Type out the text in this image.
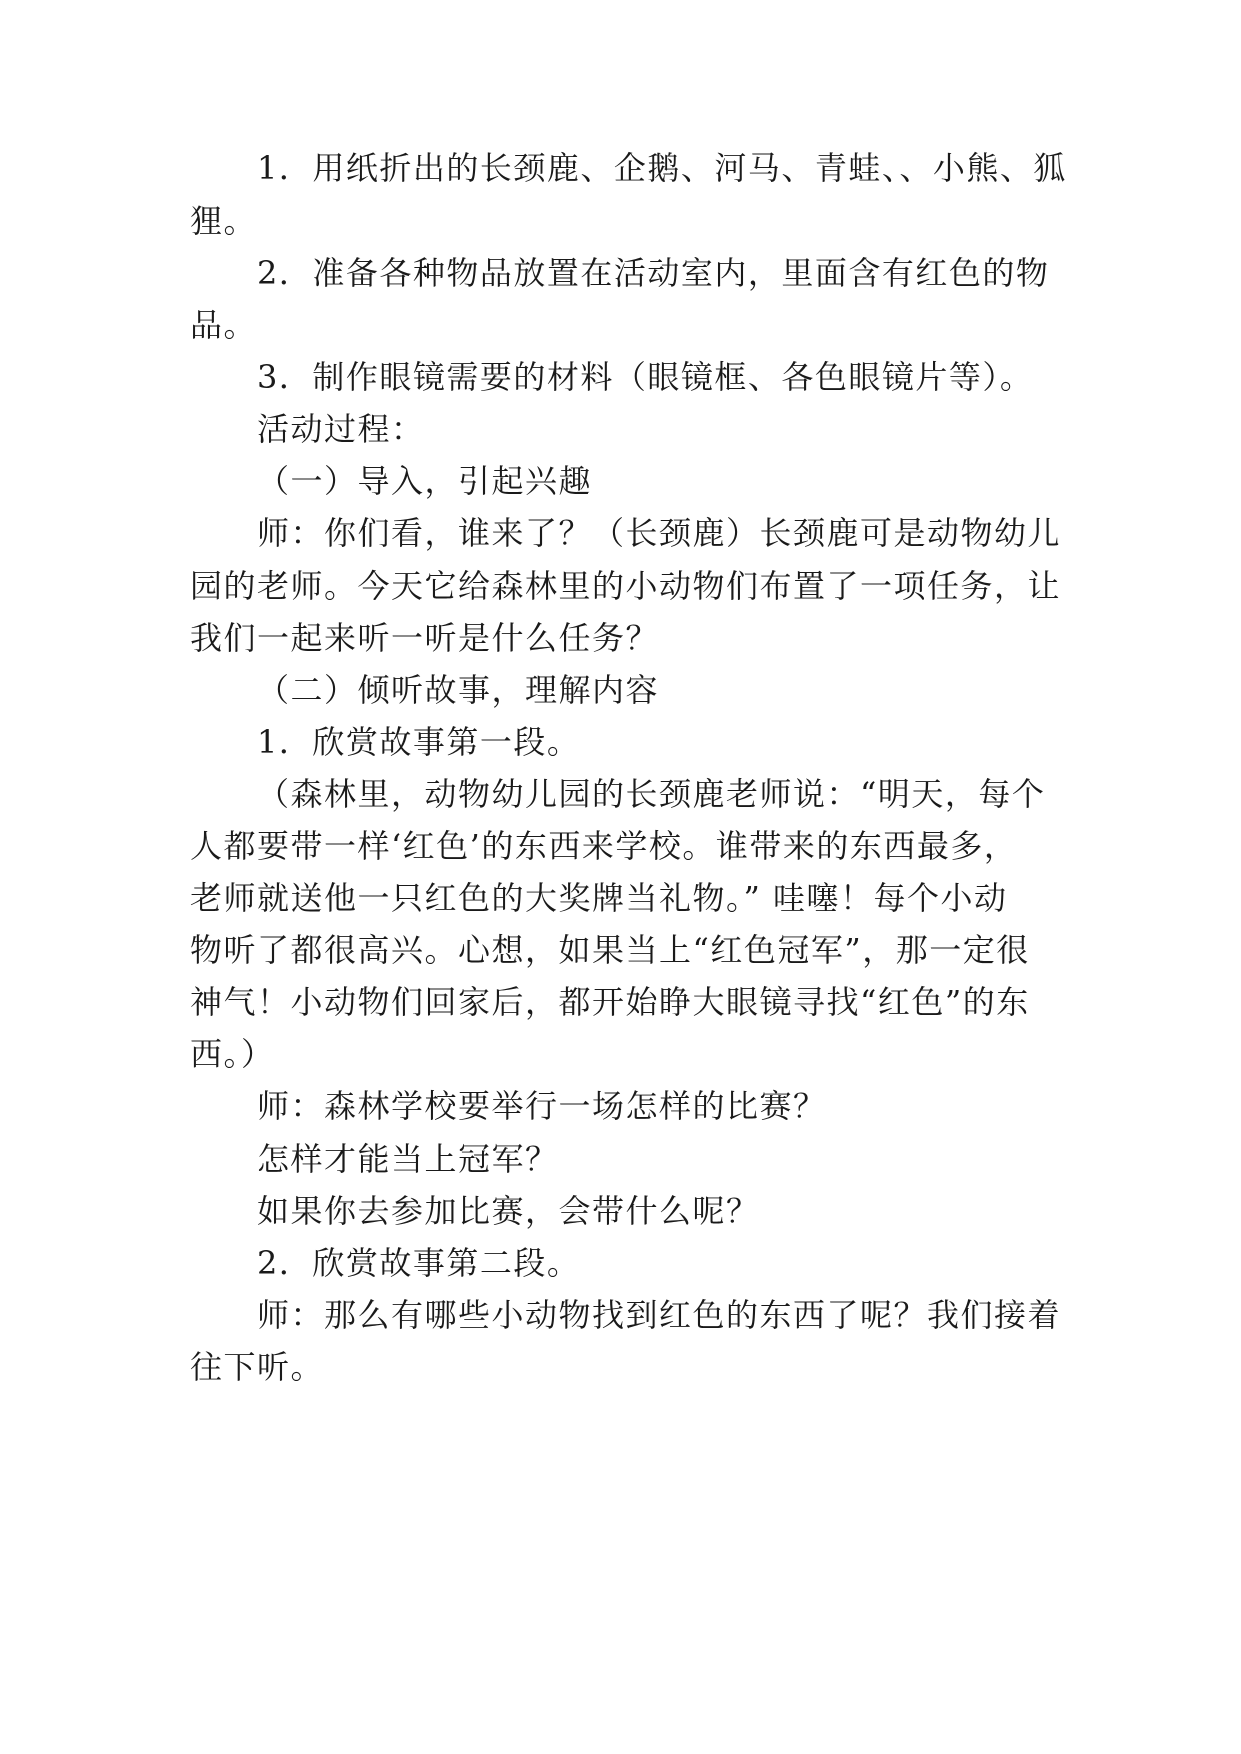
1．用纸折出的长颈鹿、企鹅、河马、青蛙、、小熊、狐
狸。
2．准备各种物品放置在活动室内，里面含有红色的物
品。
3．制作眼镜需要的材料（眼镜框、各色眼镜片等）。
活动过程：
（一）导入，引起兴趣
师：你们看，谁来了？（长颈鹿）长颈鹿可是动物幼儿
园的老师。今天它给森林里的小动物们布置了一项任务，让
我们一起来听一听是什么任务？
（二）倾听故事，理解内容
1．欣赏故事第一段。
（森林里，动物幼儿园的长颈鹿老师说：“明天，每个
人都要带一样‘红色’的东西来学校。谁带来的东西最多，
老师就送他一只红色的大奖牌当礼物。” 哇噻！每个小动
物听了都很高兴。心想，如果当上“红色冠军”，那一定很
神气！小动物们回家后，都开始睁大眼镜寻找“红色”的东
西。）
师：森林学校要举行一场怎样的比赛？
怎样才能当上冠军？
如果你去参加比赛，会带什么呢？
2．欣赏故事第二段。
师：那么有哪些小动物找到红色的东西了呢？我们接着
往下听。
